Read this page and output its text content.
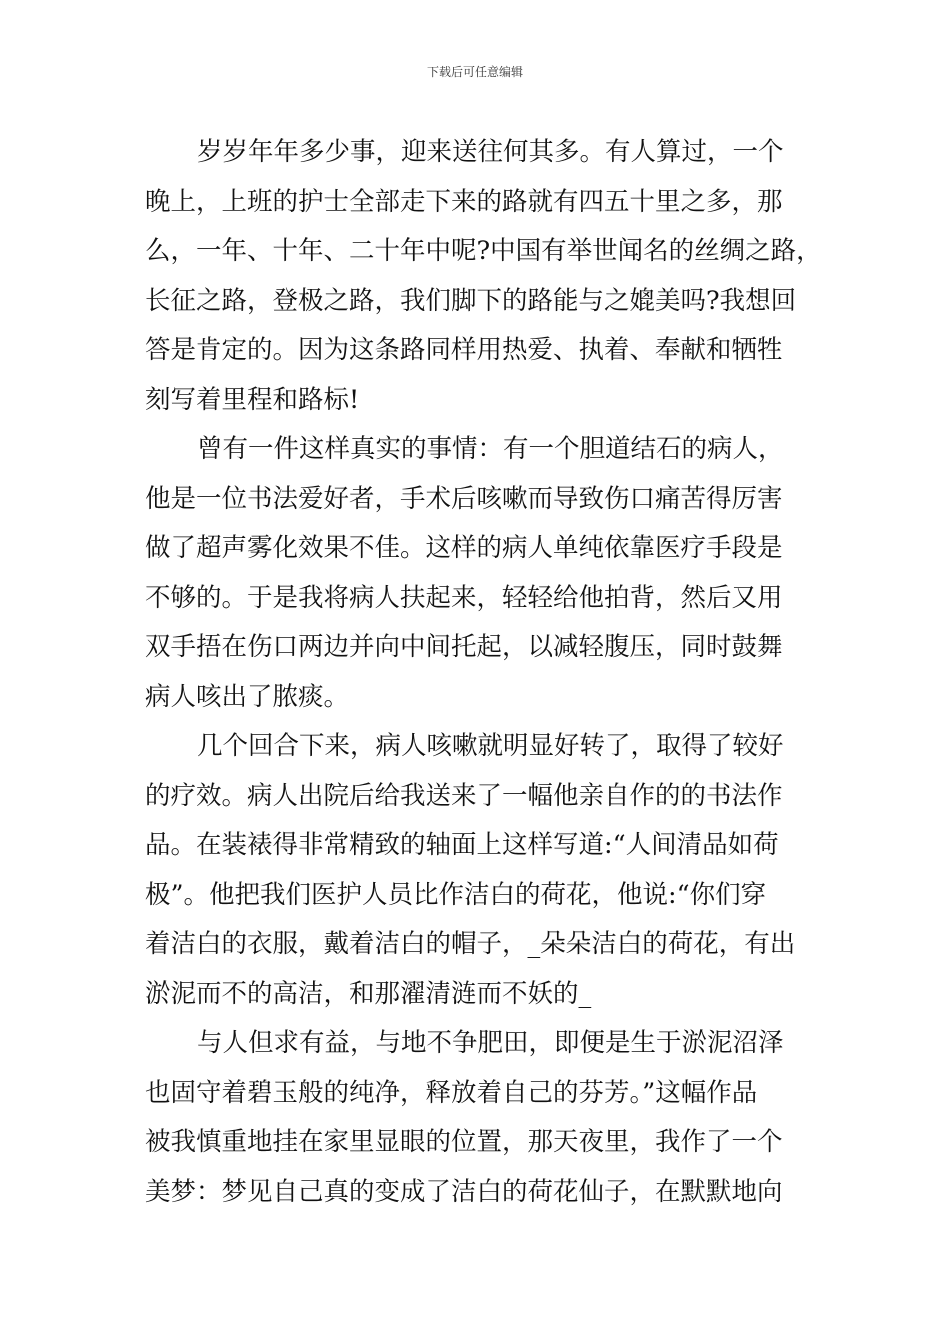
下载后可任意编辑
岁岁年年多少事，迎来送往何其多。有人算过，一个
晚上，上班的护士全部走下来的路就有四五十里之多，那
么，一年、十年、二十年中呢?中国有举世闻名的丝绸之路，
长征之路，登极之路，我们脚下的路能与之媲美吗?我想回
答是肯定的。因为这条路同样用热爱、执着、奉献和牺牲
刻写着里程和路标!
曾有一件这样真实的事情：有一个胆道结石的病人，
他是一位书法爱好者，手术后咳嗽而导致伤口痛苦得厉害
做了超声雾化效果不佳。这样的病人单纯依靠医疗手段是
不够的。于是我将病人扶起来，轻轻给他拍背，然后又用
双手捂在伤口两边并向中间托起，以减轻腹压，同时鼓舞
病人咳出了脓痰。
几个回合下来，病人咳嗽就明显好转了，取得了较好
的疗效。病人出院后给我送来了一幅他亲自作的的书法作
品。在装裱得非常精致的轴面上这样写道:“人间清品如荷
极”。他把我们医护人员比作洁白的荷花，他说:“你们穿
着洁白的衣服，戴着洁白的帽子，_朵朵洁白的荷花，有出
淤泥而不的高洁，和那濯清涟而不妖的_
与人但求有益，与地不争肥田，即便是生于淤泥沼泽
也固守着碧玉般的纯净，释放着自己的芬芳。”这幅作品
被我慎重地挂在家里显眼的位置，那天夜里，我作了一个
美梦：梦见自己真的变成了洁白的荷花仙子，在默默地向
